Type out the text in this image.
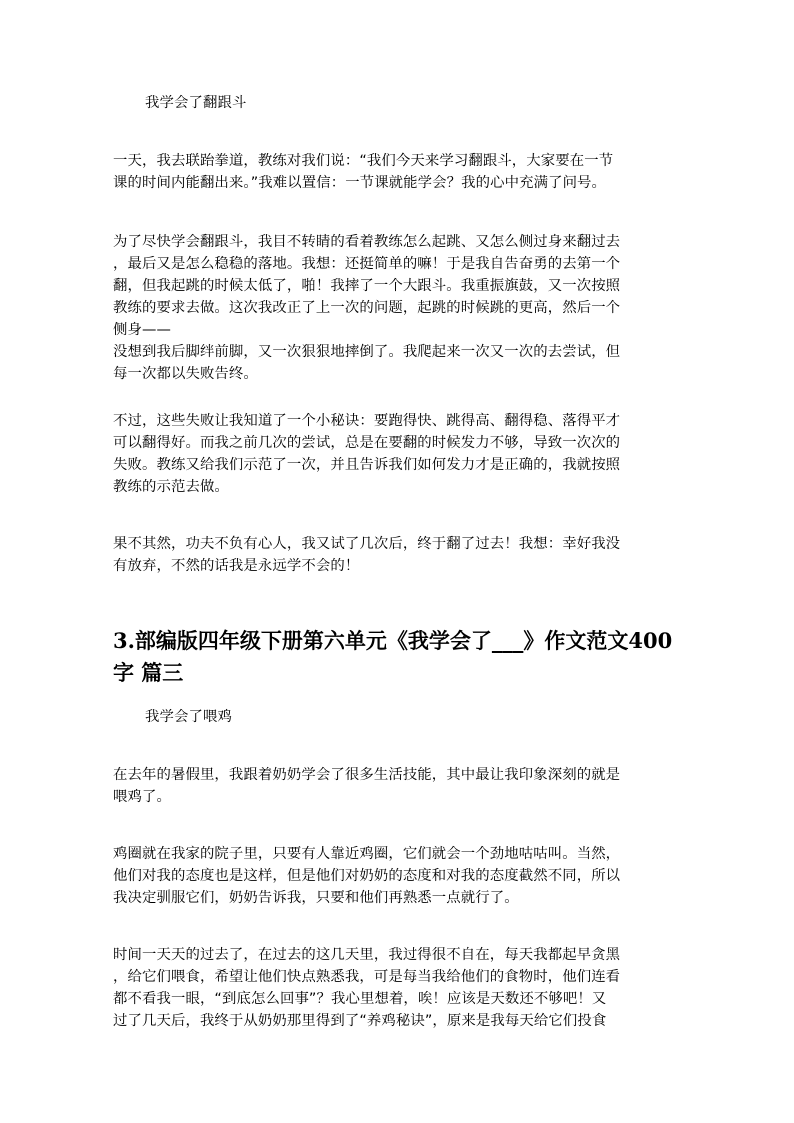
我学会了翻跟斗

一天，我去联跆拳道，教练对我们说：“我们今天来学习翻跟斗，大家要在一节
课的时间内能翻出来。”我难以置信：一节课就能学会？我的心中充满了问号。

为了尽快学会翻跟斗，我目不转睛的看着教练怎么起跳、又怎么侧过身来翻过去
，最后又是怎么稳稳的落地。我想：还挺简单的嘛！于是我自告奋勇的去第一个
翻，但我起跳的时候太低了，啪！我摔了一个大跟斗。我重振旗鼓，又一次按照
教练的要求去做。这次我改正了上一次的问题，起跳的时候跳的更高，然后一个
侧身——
没想到我后脚绊前脚，又一次狠狠地摔倒了。我爬起来一次又一次的去尝试，但
每一次都以失败告终。

不过，这些失败让我知道了一个小秘诀：要跑得快、跳得高、翻得稳、落得平才
可以翻得好。而我之前几次的尝试，总是在要翻的时候发力不够，导致一次次的
失败。教练又给我们示范了一次，并且告诉我们如何发力才是正确的，我就按照
教练的示范去做。

果不其然，功夫不负有心人，我又试了几次后，终于翻了过去！我想：幸好我没
有放弃，不然的话我是永远学不会的！

3.部编版四年级下册第六单元《我学会了___》作文范文400字 篇三

我学会了喂鸡

在去年的暑假里，我跟着奶奶学会了很多生活技能，其中最让我印象深刻的就是
喂鸡了。

鸡圈就在我家的院子里，只要有人靠近鸡圈，它们就会一个劲地咕咕叫。当然，
他们对我的态度也是这样，但是他们对奶奶的态度和对我的态度截然不同，所以
我决定驯服它们，奶奶告诉我，只要和他们再熟悉一点就行了。

时间一天天的过去了，在过去的这几天里，我过得很不自在，每天我都起早贪黑
，给它们喂食，希望让他们快点熟悉我，可是每当我给他们的食物时，他们连看
都不看我一眼，“到底怎么回事”？我心里想着，唉！应该是天数还不够吧！又
过了几天后，我终于从奶奶那里得到了“养鸡秘诀”，原来是我每天给它们投食
